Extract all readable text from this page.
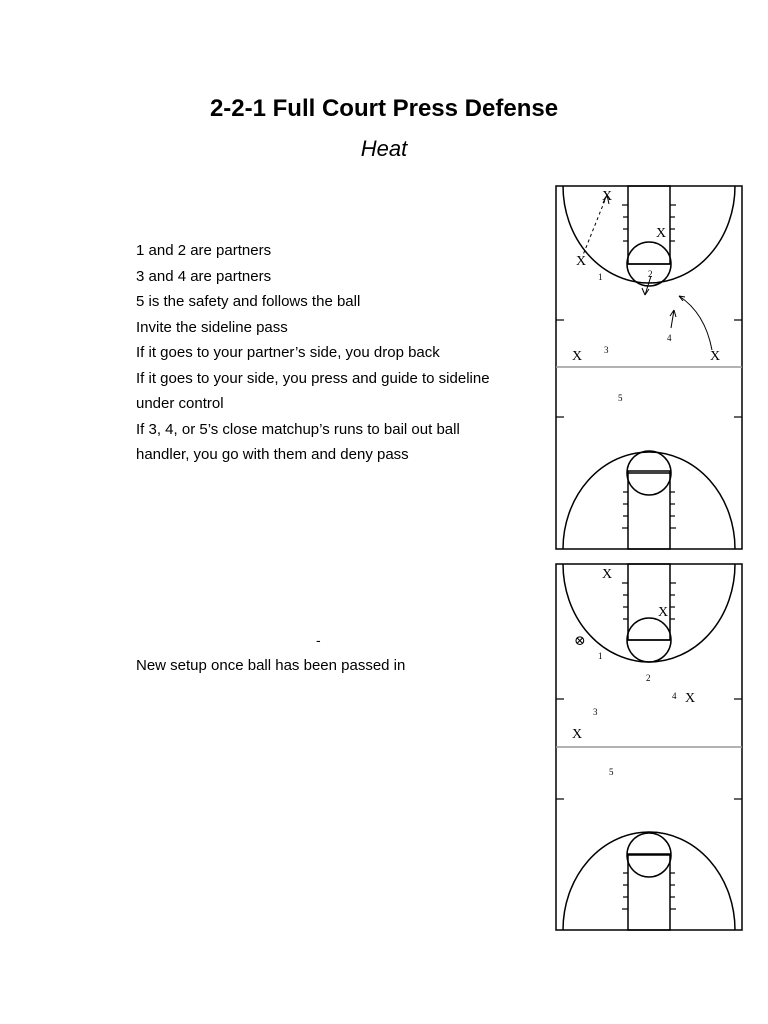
2-2-1 Full Court Press Defense
Heat
1 and 2 are partners
3 and 4 are partners
5 is the safety and follows the ball
Invite the sideline pass
If it goes to your partner’s side, you drop back
If it goes to your side, you press and guide to sideline
under control
If 3, 4, or 5’s close matchup’s runs to bail out ball
handler, you go with them and deny pass
-
New setup once ball has been passed in
X
X
X
X	X
1	2
3
4
5
X
X
X
X
⊗
1
2
3
4
5
